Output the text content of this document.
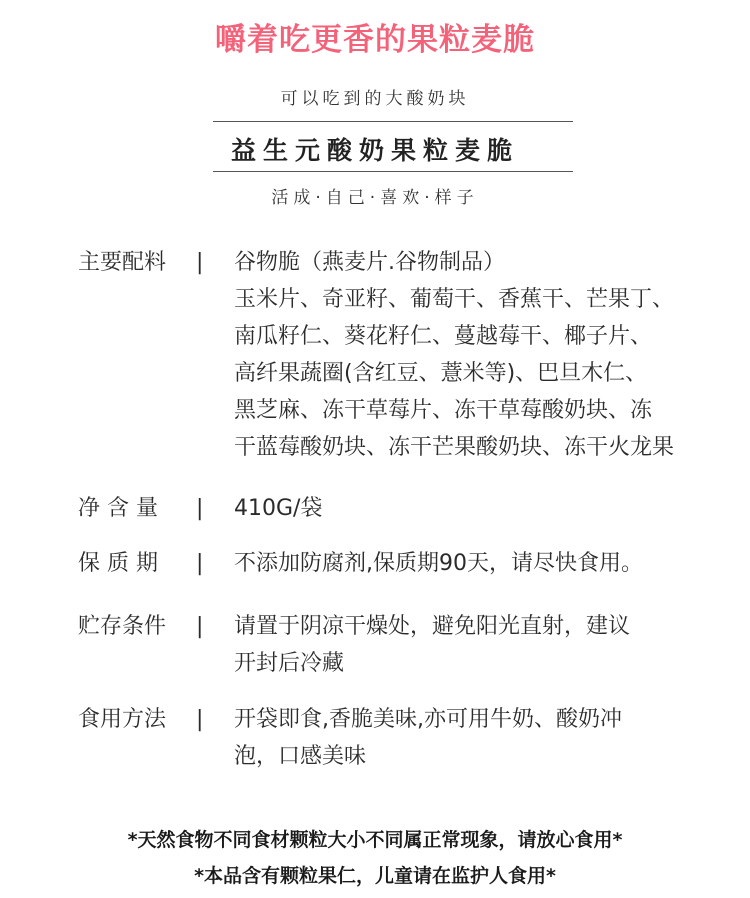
嚼着吃更香的果粒麦脆
可以吃到的大酸奶块
益生元酸奶果粒麦脆
活成·自己·喜欢·样子
主要配料 | 谷物脆（燕麦片.谷物制品）
玉米片、奇亚籽、葡萄干、香蕉干、芒果丁、
南瓜籽仁、葵花籽仁、蔓越莓干、椰子片、
高纤果蔬圈(含红豆、薏米等)、巴旦木仁、
黑芝麻、冻干草莓片、冻干草莓酸奶块、冻
干蓝莓酸奶块、冻干芒果酸奶块、冻干火龙果
净 含 量 | 410G/袋
保 质 期 | 不添加防腐剂,保质期90天，请尽快食用。
贮存条件 | 请置于阴凉干燥处，避免阳光直射，建议
开封后冷藏
食用方法 | 开袋即食,香脆美味,亦可用牛奶、酸奶冲
泡，口感美味
*天然食物不同食材颗粒大小不同属正常现象，请放心食用*
*本品含有颗粒果仁，儿童请在监护人食用*
